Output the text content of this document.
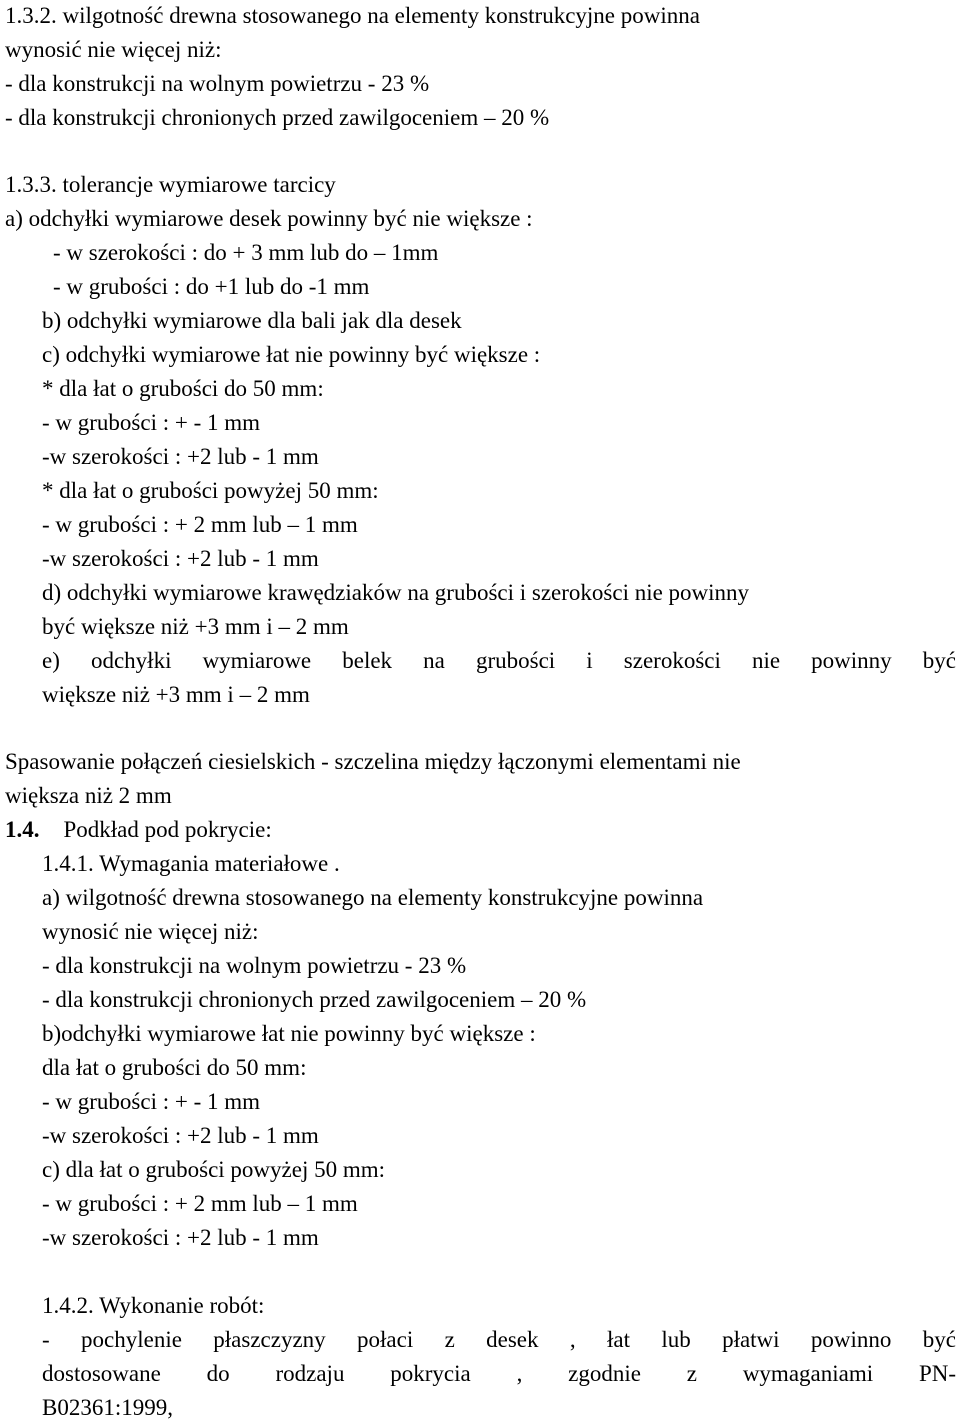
1.3.2. wilgotność drewna stosowanego na elementy konstrukcyjne powinna
wynosić nie więcej niż:
- dla konstrukcji na wolnym powietrzu - 23 %
- dla konstrukcji chronionych przed zawilgoceniem – 20 %
1.3.3. tolerancje wymiarowe tarcicy
a) odchyłki wymiarowe desek powinny być nie większe :
- w szerokości : do + 3 mm lub do – 1mm
- w grubości : do +1 lub do -1 mm
b) odchyłki wymiarowe dla bali jak dla desek
c) odchyłki wymiarowe łat nie powinny być większe :
* dla łat o grubości do 50 mm:
- w grubości : + - 1 mm
-w szerokości : +2 lub - 1 mm
* dla łat o grubości powyżej 50 mm:
- w grubości : + 2 mm lub – 1 mm
-w szerokości : +2 lub - 1 mm
d) odchyłki wymiarowe krawędziaków na grubości i szerokości nie powinny
być większe niż +3 mm i – 2 mm
e) odchyłki wymiarowe belek na grubości i szerokości nie powinny być
większe niż +3 mm i – 2 mm
Spasowanie połączeń ciesielskich - szczelina między łączonymi elementami nie
większa niż 2 mm
1.4. Podkład pod pokrycie:
1.4.1. Wymagania materiałowe .
a) wilgotność drewna stosowanego na elementy konstrukcyjne powinna
wynosić nie więcej niż:
- dla konstrukcji na wolnym powietrzu - 23 %
- dla konstrukcji chronionych przed zawilgoceniem – 20 %
b)odchyłki wymiarowe łat nie powinny być większe :
dla łat o grubości do 50 mm:
- w grubości : + - 1 mm
-w szerokości : +2 lub - 1 mm
c) dla łat o grubości powyżej 50 mm:
- w grubości : + 2 mm lub – 1 mm
-w szerokości : +2 lub - 1 mm
1.4.2. Wykonanie robót:
- pochylenie płaszczyzny połaci z desek , łat lub płatwi powinno być
dostosowane do rodzaju pokrycia , zgodnie z wymaganiami PN-
B02361:1999,
